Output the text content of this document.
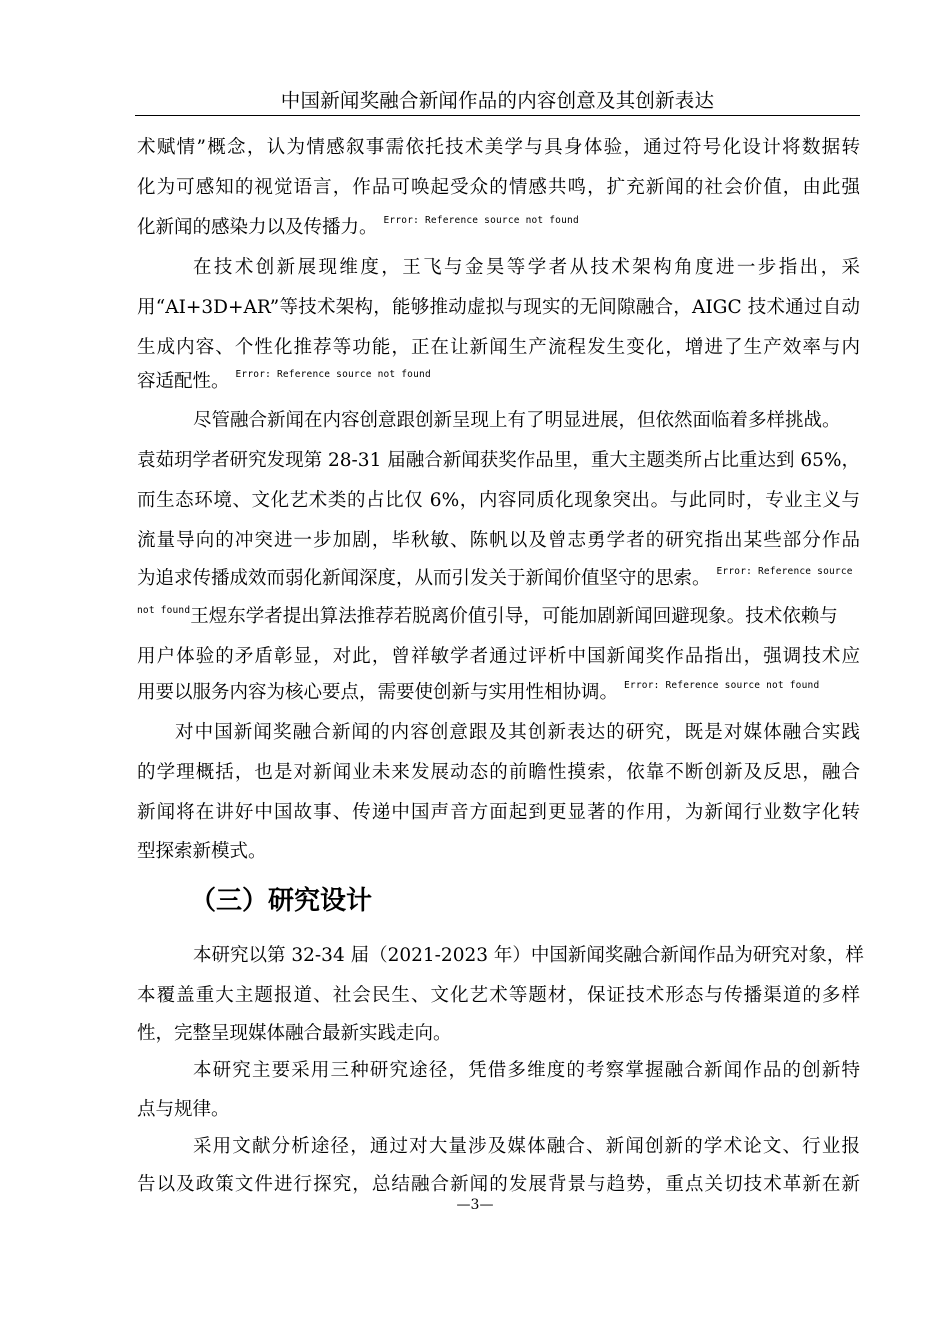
中国新闻奖融合新闻作品的内容创意及其创新表达
术赋情”概念，认为情感叙事需依托技术美学与具身体验，通过符号化设计将数据转
化为可感知的视觉语言，作品可唤起受众的情感共鸣，扩充新闻的社会价值，由此强
化新闻的感染力以及传播力。 $^{Error: Reference source not found}$
在技术创新展现维度，王飞与金昊等学者从技术架构角度进一步指出，采
用“AI+3D+AR”等技术架构，能够推动虚拟与现实的无间隙融合，AIGC 技术通过自动
生成内容、个性化推荐等功能，正在让新闻生产流程发生变化，增进了生产效率与内
容适配性。 $^{Error: Reference source not found}$
尽管融合新闻在内容创意跟创新呈现上有了明显进展，但依然面临着多样挑战。
袁茹玥学者研究发现第 28-31 届融合新闻获奖作品里，重大主题类所占比重达到 65%，
而生态环境、文化艺术类的占比仅 6%，内容同质化现象突出。与此同时，专业主义与
流量导向的冲突进一步加剧，毕秋敏、陈帆以及曾志勇学者的研究指出某些部分作品
为追求传播成效而弱化新闻深度，从而引发关于新闻价值坚守的思索。 $^{Error: Reference source}$
$^{not found}$王煜东学者提出算法推荐若脱离价值引导，可能加剧新闻回避现象。技术依赖与
用户体验的矛盾彰显，对此，曾祥敏学者通过评析中国新闻奖作品指出，强调技术应
用要以服务内容为核心要点，需要使创新与实用性相协调。 $^{Error: Reference source not found}$
对中国新闻奖融合新闻的内容创意跟及其创新表达的研究，既是对媒体融合实践
的学理概括，也是对新闻业未来发展动态的前瞻性摸索，依靠不断创新及反思，融合
新闻将在讲好中国故事、传递中国声音方面起到更显著的作用，为新闻行业数字化转
型探索新模式。
（三）研究设计
本研究以第 32-34 届（2021-2023 年）中国新闻奖融合新闻作品为研究对象，样
本覆盖重大主题报道、社会民生、文化艺术等题材，保证技术形态与传播渠道的多样
性，完整呈现媒体融合最新实践走向。
本研究主要采用三种研究途径，凭借多维度的考察掌握融合新闻作品的创新特
点与规律。
采用文献分析途径，通过对大量涉及媒体融合、新闻创新的学术论文、行业报
告以及政策文件进行探究，总结融合新闻的发展背景与趋势，重点关切技术革新在新
—3—
